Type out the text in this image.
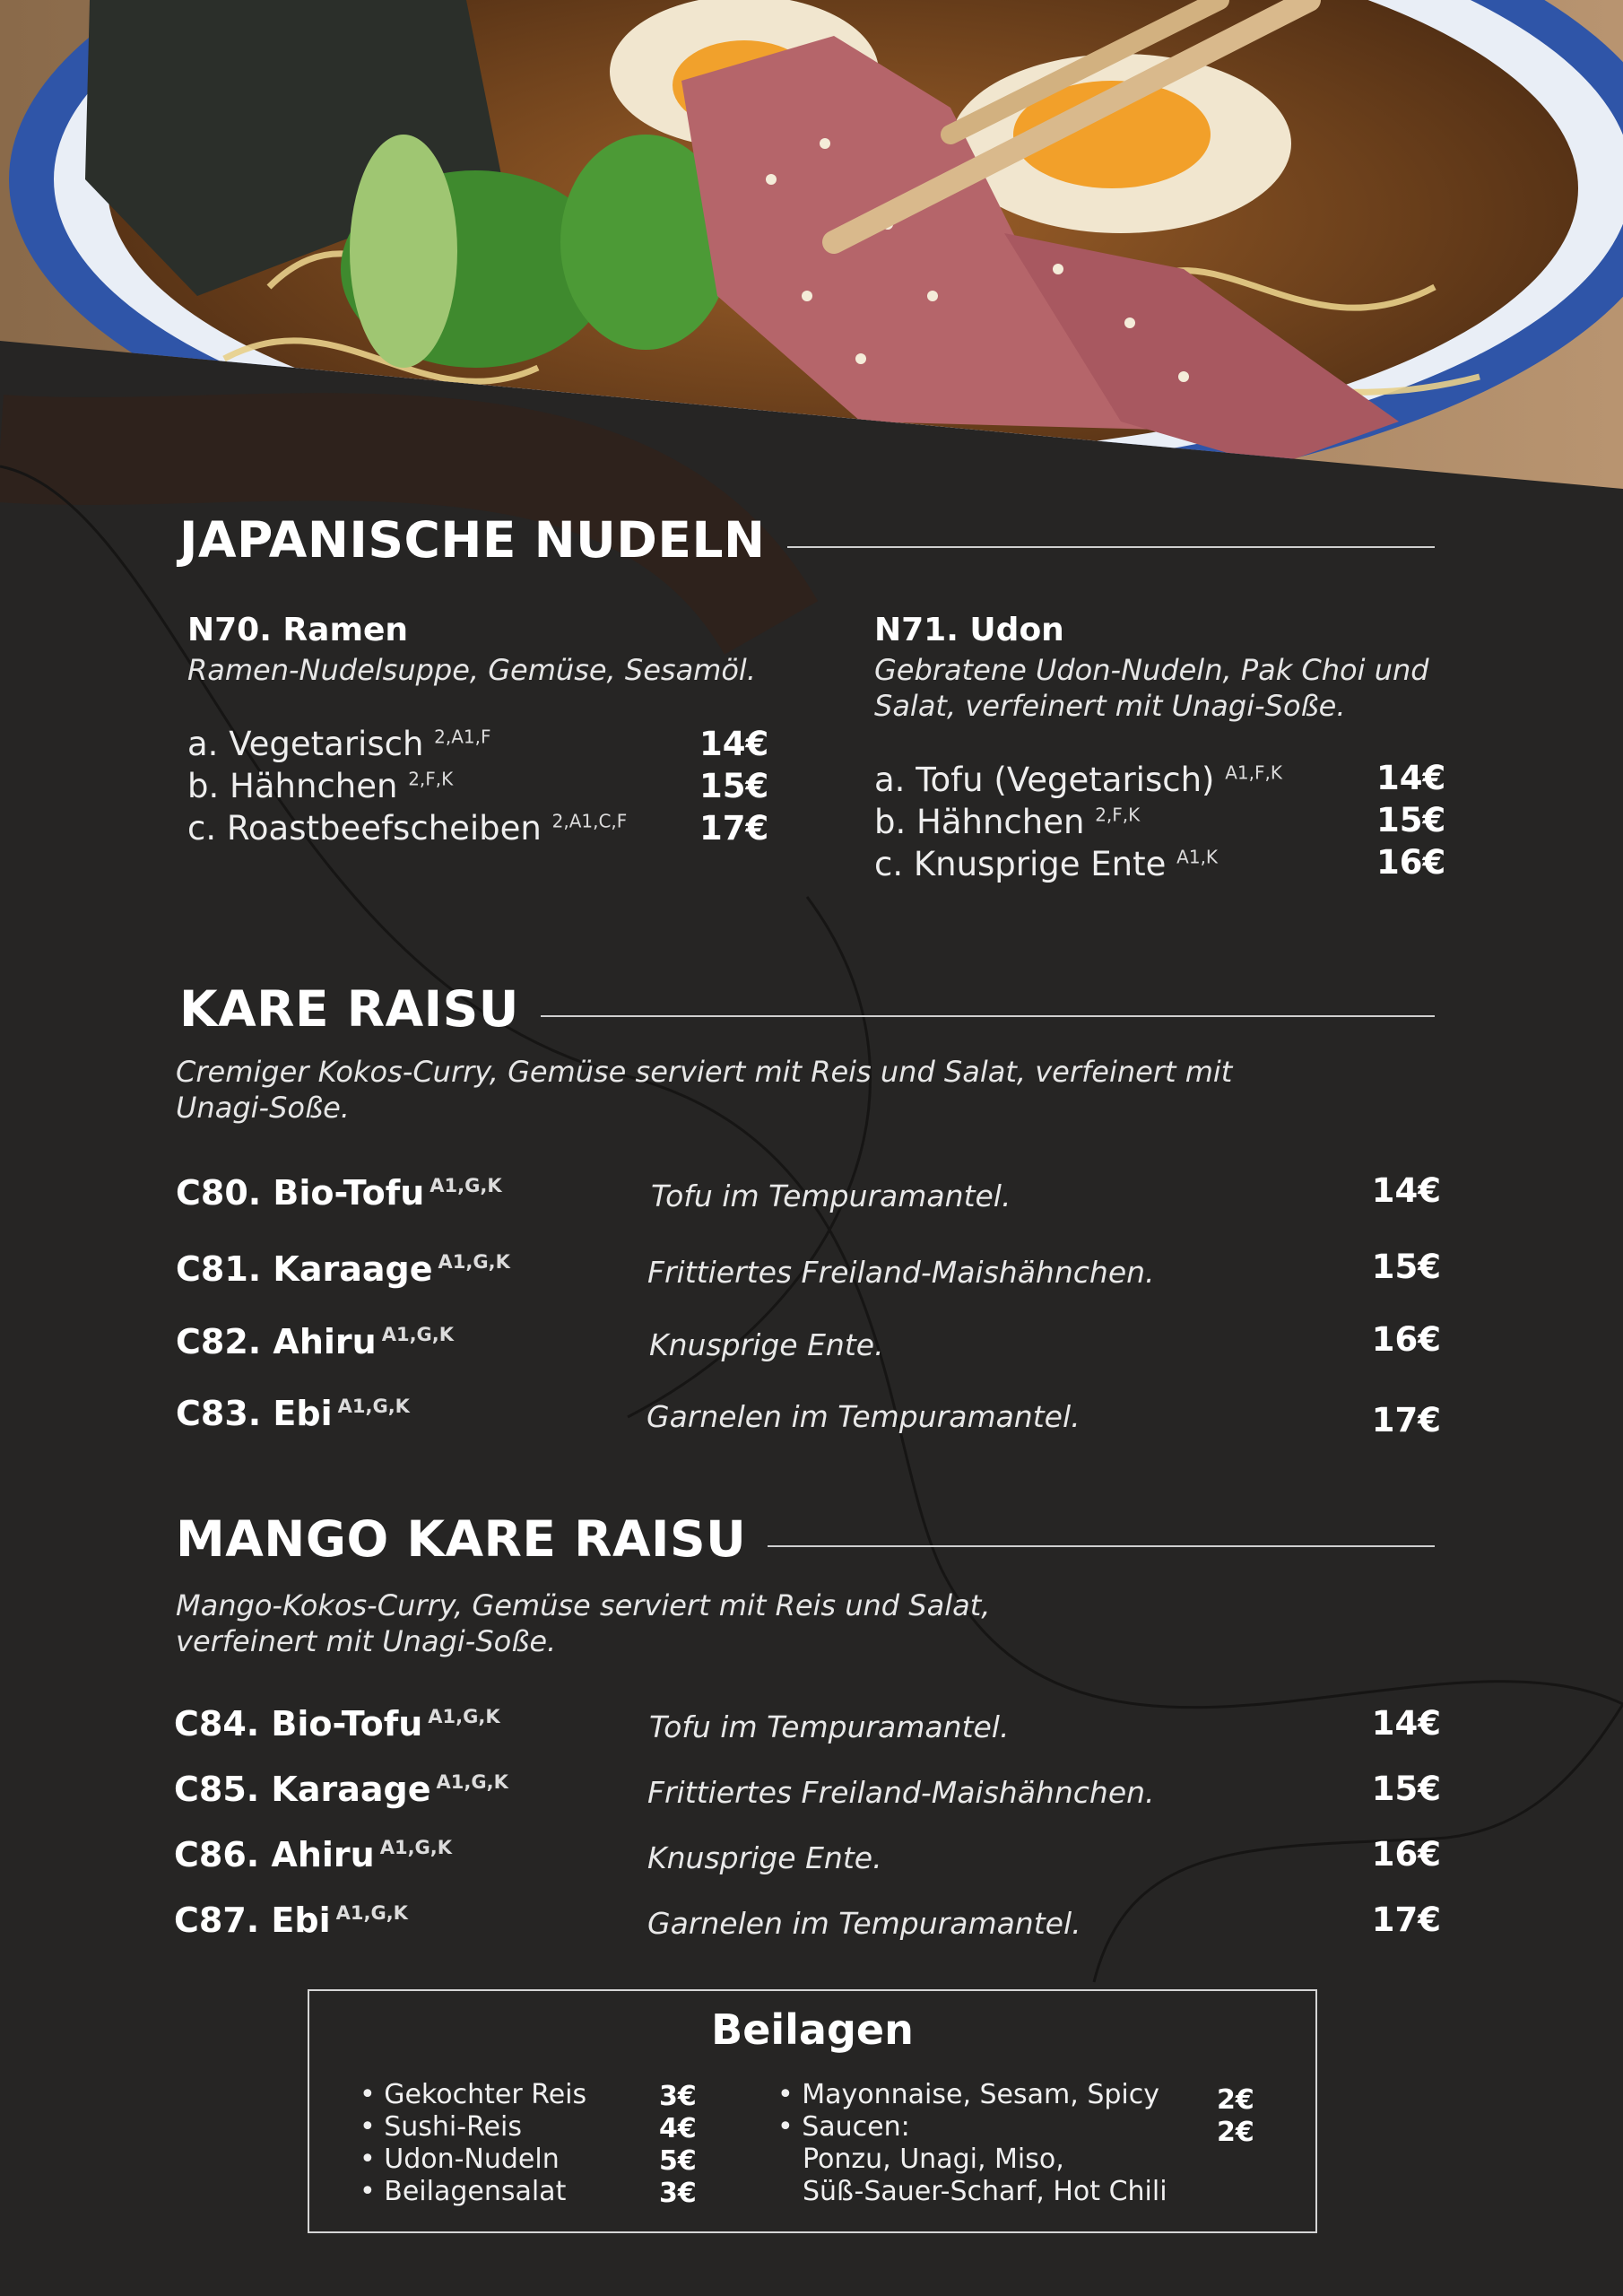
JAPANISCHE NUDELN
N70. Ramen
Ramen-Nudelsuppe, Gemüse, Sesamöl.
a. Vegetarisch $^{2,A1,F}$	14€
b. Hähnchen $^{2,F,K}$	15€
c. Roastbeefscheiben $^{2,A1,C,F}$ 17€
N71. Udon
Gebratene Udon-Nudeln, Pak Choi und
Salat, verfeinert mit Unagi-Soße.
a. Tofu (Vegetarisch) $^{A1,F,K}$	14€
b. Hähnchen $^{2,F,K}$	15€
c. Knusprige Ente $^{A1,K}$	16€
KARE RAISU
Cremiger Kokos-Curry, Gemüse serviert mit Reis und Salat, verfeinert mit
Unagi-Soße.
C80. Bio-Tofu $^{A1,G,K}$	Tofu im Tempuramantel.	14€
C81. Karaage $^{A1,G,K}$	Frittiertes Freiland-Maishähnchen.	15€
C82. Ahiru $^{A1,G,K}$	Knusprige Ente.	16€
C83. Ebi $^{A1,G,K}$	Garnelen im Tempuramantel.	17€
MANGO KARE RAISU
Mango-Kokos-Curry, Gemüse serviert mit Reis und Salat,
verfeinert mit Unagi-Soße.
C84. Bio-Tofu $^{A1,G,K}$	Tofu im Tempuramantel.	14€
C85. Karaage $^{A1,G,K}$	Frittiertes Freiland-Maishähnchen.	15€
C86. Ahiru $^{A1,G,K}$	Knusprige Ente.	16€
C87. Ebi $^{A1,G,K}$	Garnelen im Tempuramantel.	17€
Beilagen
• Gekochter Reis	3€
• Sushi-Reis	4€
• Udon-Nudeln	5€
• Beilagensalat	3€
• Mayonnaise, Sesam, Spicy 2€
• Saucen:	2€
Ponzu, Unagi, Miso,
Süß-Sauer-Scharf, Hot Chili
